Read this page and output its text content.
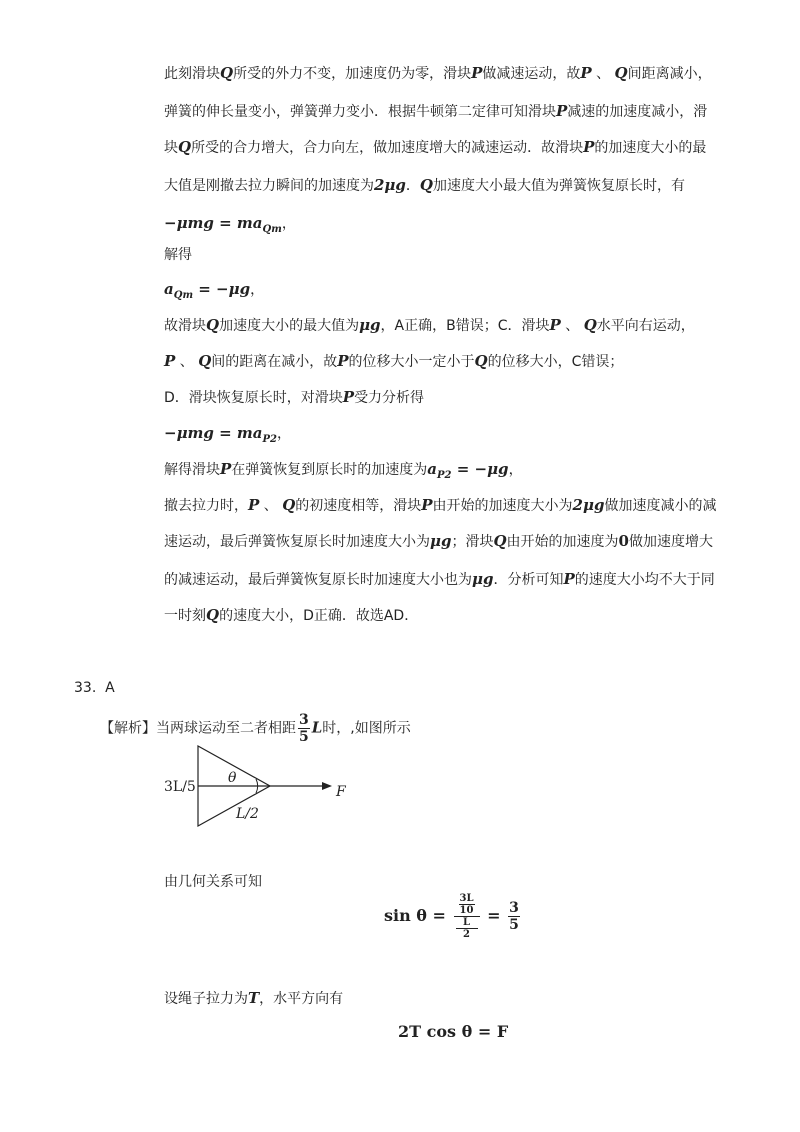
此刻滑块Q所受的外力不变，加速度仍为零，滑块P做减速运动，故P 、 Q间距离减小，
弹簧的伸长量变小，弹簧弹力变小．根据牛顿第二定律可知滑块P减速的加速度减小，滑
块Q所受的合力增大，合力向左，做加速度增大的减速运动．故滑块P的加速度大小的最
大值是刚撤去拉力瞬间的加速度为2μg．Q加速度大小最大值为弹簧恢复原长时，有
$-\mu mg = ma_{Qm}$，
解得
$a_{Qm} = -\mu g$，
故滑块Q加速度大小的最大值为μg，A正确，B错误；C．滑块P 、 Q水平向右运动，
P 、 Q间的距离在减小，故P的位移大小一定小于Q的位移大小，C错误；
D．滑块恢复原长时，对滑块P受力分析得
$-\mu mg = ma_{P2}$，
解得滑块P在弹簧恢复到原长时的加速度为$a_{P2} = -\mu g$，
撤去拉力时，P 、 Q的初速度相等，滑块P由开始的加速度大小为2μg做加速度减小的减
速运动，最后弹簧恢复原长时加速度大小为μg；滑块Q由开始的加速度为0做加速度增大
的减速运动，最后弹簧恢复原长时加速度大小也为μg．分析可知P的速度大小均不大于同
一时刻Q的速度大小，D正确．故选AD．
33. A
【解析】当两球运动至二者相距 $\frac{3}{5}$ L时，,如图所示
3L/5
θ
L/2
F
由几何关系可知
sin θ = 3L
10
L
$2 = \frac{3}{5}$
设绳子拉力为T，水平方向有
2T cos θ = F
